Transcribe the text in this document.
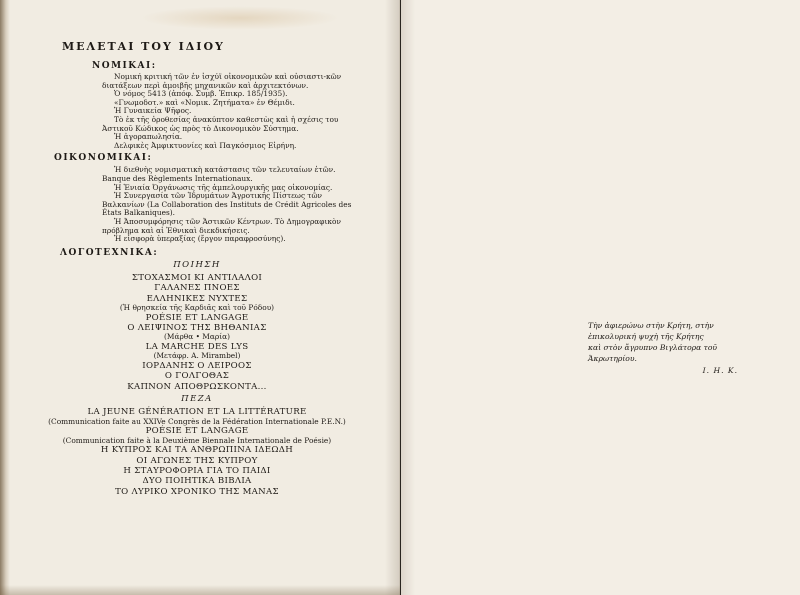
ΜΕΛΕΤΑΙ ΤΟΥ ΙΔΙΟΥ
ΝΟΜΙΚΑΙ:
Νομική κριτική τῶν ἐν ἰσχύϊ οἰκονομικῶν καὶ οὐσιαστι-κῶν διατάξεων περὶ ἀμοιβῆς μηχανικῶν καὶ ἀρχιτεκτόνων.
Ὁ νόμος 5413 (ἀπόφ. Συμβ. Ἐπικρ. 185/1935).
«Γνωμοδοτ.» καὶ «Νομικ. Ζητήματα» ἐν Θέμιδι.
Ἡ Γυναικεία Ψῆφος.
Τὸ ἐκ τῆς ὁροθεσίας ἀνακύπτον καθεστὼς καὶ ἡ σχέσις του Ἀστικοῦ Κώδικος ὡς πρὸς τὸ Δικονομικὸν Σύστημα.
Ἡ ἀγοραπωλησία.
Δελφικὲς Ἀμφικτυονίες καὶ Παγκόσμιος Εἰρήνη.
ΟΙΚΟΝΟΜΙΚΑΙ:
Ἡ διεθνὴς νομισματικὴ κατάστασις τῶν τελευταίων ἐτῶν. Banque des Règlements Internationaux.
Ἡ Ἑνιαία Ὀργάνωσις τῆς ἀμπελουργικῆς μας οἰκονομίας.
Ἡ Συνεργασία τῶν Ἱδρυμάτων Ἀγροτικῆς Πίστεως τῶν Βαλκανίων (La Collaboration des Instituts de Crédit Agricoles des États Balkaniques).
Ἡ Ἀποσυμφόρησις τῶν Ἀστικῶν Κέντρων. Τὸ Δημογραφικὸν πρόβλημα καὶ αἱ Ἐθνικαὶ διεκδικήσεις.
Ἡ εἰσφορὰ ὑπεραξίας (ἔργον παραφροσύνης).
ΛΟΓΟΤΕΧΝΙΚΑ:
ΠΟΙΗΣΗ
ΣΤΟΧΑΣΜΟΙ ΚΙ ΑΝΤΙΛΑΛΟΙ
ΓΑΛΑΝΕΣ ΠΝΟΕΣ
ΕΛΛΗΝΙΚΕΣ ΝΥΧΤΕΣ
(Ἡ θρησκεία τῆς Καρδιᾶς καὶ τοῦ Ρόδου)
POÉSIE ET LANGAGE
Ο ΛΕΙΨΙΝΟΣ ΤΗΣ ΒΗΘΑΝΙΑΣ
(Μάρθα • Μαρία)
LA MARCHE DES LYS
(Μετάφρ. A. Mirambel)
ΙΟΡΔΑΝΗΣ Ο ΛΕΙΡΟΟΣ
Ο ΓΟΛΓΟΘΑΣ
ΚΑΠΝΟΝ ΑΠΟΘΡΩΣΚΟΝΤΑ...
ΠΕΖΑ
LA JEUNE GÉNÉRATION ET LA LITTÉRATURE
(Communication faite au XXIVe Congrès de la Fédération Internationale P.E.N.)
POÉSIE ET LANGAGE
(Communication faite à la Deuxième Biennale Internationale de Poésie)
Η ΚΥΠΡΟΣ ΚΑΙ ΤΑ ΑΝΘΡΩΠΙΝΑ ΙΔΕΩΔΗ
ΟΙ ΑΓΩΝΕΣ ΤΗΣ ΚΥΠΡΟΥ
Η ΣΤΑΥΡΟΦΟΡΙΑ ΓΙΑ ΤΟ ΠΑΙΔΙ
ΔΥΟ ΠΟΙΗΤΙΚΑ ΒΙΒΛΙΑ
ΤΟ ΛΥΡΙΚΟ ΧΡΟΝΙΚΟ ΤΗΣ ΜΑΝΑΣ
Τὴν ἀφιερώνω στὴν Κρήτη, στὴν
ἐπικολυρική ψυχὴ τῆς Κρήτης
καὶ στὸν ἄγρυπνο Βιγλάτορα τοῦ
Ἀκρωτηρίου.
Ι. Η. Κ.
